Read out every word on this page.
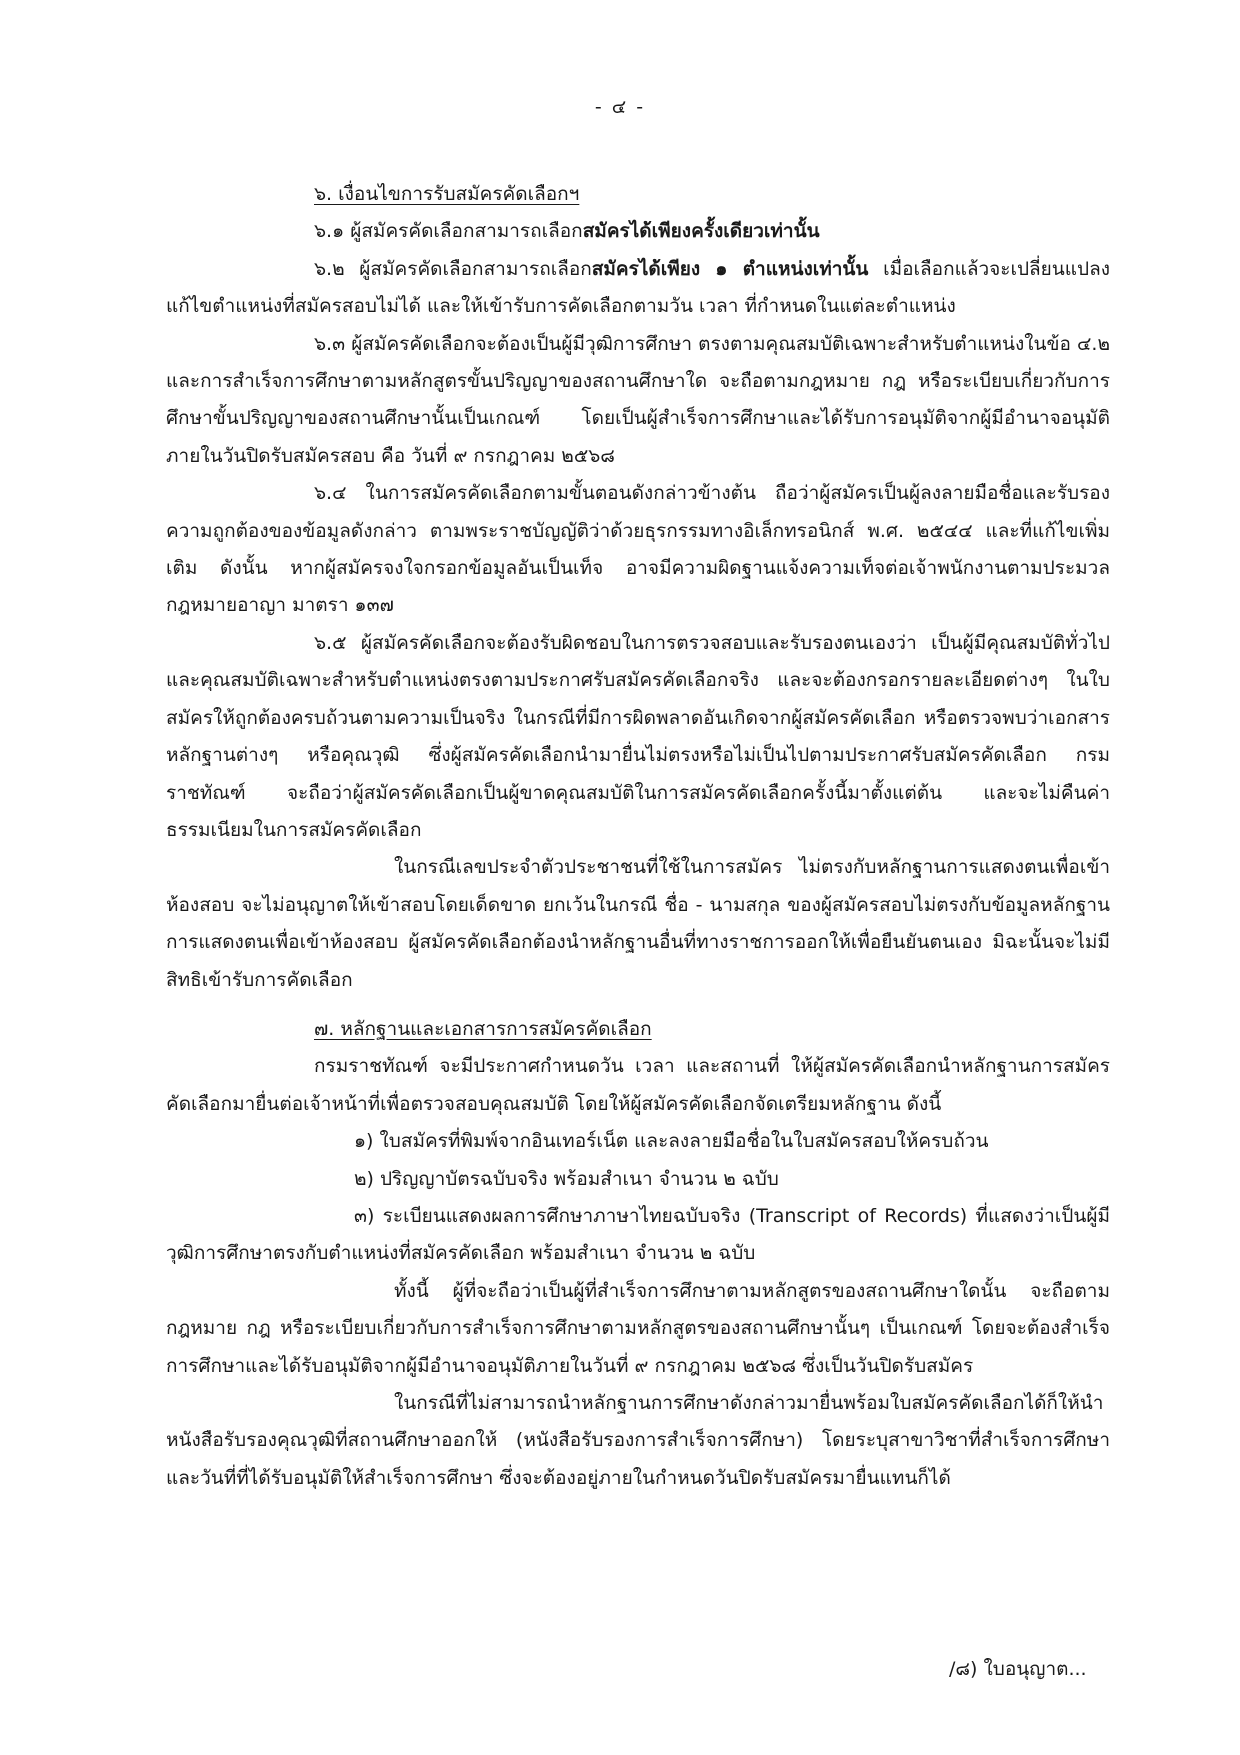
- ๔ -

๖. เงื่อนไขการรับสมัครคัดเลือกฯ

๖.๑ ผู้สมัครคัดเลือกสามารถเลือกสมัครได้เพียงครั้งเดียวเท่านั้น

๖.๒ ผู้สมัครคัดเลือกสามารถเลือกสมัครได้เพียง ๑ ตำแหน่งเท่านั้น เมื่อเลือกแล้วจะเปลี่ยนแปลงแก้ไขตำแหน่งที่สมัครสอบไม่ได้ และให้เข้ารับการคัดเลือกตามวัน เวลา ที่กำหนดในแต่ละตำแหน่ง

๖.๓ ผู้สมัครคัดเลือกจะต้องเป็นผู้มีวุฒิการศึกษา ตรงตามคุณสมบัติเฉพาะสำหรับตำแหน่งในข้อ ๔.๒ และการสำเร็จการศึกษาตามหลักสูตรขั้นปริญญาของสถานศึกษาใด จะถือตามกฎหมาย กฎ หรือระเบียบเกี่ยวกับการศึกษาขั้นปริญญาของสถานศึกษานั้นเป็นเกณฑ์ โดยเป็นผู้สำเร็จการศึกษาและได้รับการอนุมัติจากผู้มีอำนาจอนุมัติภายในวันปิดรับสมัครสอบ คือ วันที่ ๙ กรกฎาคม ๒๕๖๘

๖.๔ ในการสมัครคัดเลือกตามขั้นตอนดังกล่าวข้างต้น ถือว่าผู้สมัครเป็นผู้ลงลายมือชื่อและรับรองความถูกต้องของข้อมูลดังกล่าว ตามพระราชบัญญัติว่าด้วยธุรกรรมทางอิเล็กทรอนิกส์ พ.ศ. ๒๕๔๔ และที่แก้ไขเพิ่มเติม ดังนั้น หากผู้สมัครจงใจกรอกข้อมูลอันเป็นเท็จ อาจมีความผิดฐานแจ้งความเท็จต่อเจ้าพนักงานตามประมวลกฎหมายอาญา มาตรา ๑๓๗

๖.๕ ผู้สมัครคัดเลือกจะต้องรับผิดชอบในการตรวจสอบและรับรองตนเองว่า เป็นผู้มีคุณสมบัติทั่วไป และคุณสมบัติเฉพาะสำหรับตำแหน่งตรงตามประกาศรับสมัครคัดเลือกจริง และจะต้องกรอกรายละเอียดต่างๆ ในใบสมัครให้ถูกต้องครบถ้วนตามความเป็นจริง ในกรณีที่มีการผิดพลาดอันเกิดจากผู้สมัครคัดเลือก หรือตรวจพบว่าเอกสารหลักฐานต่างๆ หรือคุณวุฒิ ซึ่งผู้สมัครคัดเลือกนำมายื่นไม่ตรงหรือไม่เป็นไปตามประกาศรับสมัครคัดเลือก กรมราชทัณฑ์ จะถือว่าผู้สมัครคัดเลือกเป็นผู้ขาดคุณสมบัติในการสมัครคัดเลือกครั้งนี้มาตั้งแต่ต้น และจะไม่คืนค่าธรรมเนียมในการสมัครคัดเลือก

ในกรณีเลขประจำตัวประชาชนที่ใช้ในการสมัคร ไม่ตรงกับหลักฐานการแสดงตนเพื่อเข้าห้องสอบ จะไม่อนุญาตให้เข้าสอบโดยเด็ดขาด ยกเว้นในกรณี ชื่อ - นามสกุล ของผู้สมัครสอบไม่ตรงกับข้อมูลหลักฐานการแสดงตนเพื่อเข้าห้องสอบ ผู้สมัครคัดเลือกต้องนำหลักฐานอื่นที่ทางราชการออกให้เพื่อยืนยันตนเอง มิฉะนั้นจะไม่มีสิทธิเข้ารับการคัดเลือก

๗. หลักฐานและเอกสารการสมัครคัดเลือก

กรมราชทัณฑ์ จะมีประกาศกำหนดวัน เวลา และสถานที่ ให้ผู้สมัครคัดเลือกนำหลักฐานการสมัครคัดเลือกมายื่นต่อเจ้าหน้าที่เพื่อตรวจสอบคุณสมบัติ โดยให้ผู้สมัครคัดเลือกจัดเตรียมหลักฐาน ดังนี้

๑) ใบสมัครที่พิมพ์จากอินเทอร์เน็ต และลงลายมือชื่อในใบสมัครสอบให้ครบถ้วน

๒) ปริญญาบัตรฉบับจริง พร้อมสำเนา จำนวน ๒ ฉบับ

๓) ระเบียนแสดงผลการศึกษาภาษาไทยฉบับจริง (Transcript of Records) ที่แสดงว่าเป็นผู้มีวุฒิการศึกษาตรงกับตำแหน่งที่สมัครคัดเลือก พร้อมสำเนา จำนวน ๒ ฉบับ

ทั้งนี้ ผู้ที่จะถือว่าเป็นผู้ที่สำเร็จการศึกษาตามหลักสูตรของสถานศึกษาใดนั้น จะถือตามกฎหมาย กฎ หรือระเบียบเกี่ยวกับการสำเร็จการศึกษาตามหลักสูตรของสถานศึกษานั้นๆ เป็นเกณฑ์ โดยจะต้องสำเร็จการศึกษาและได้รับอนุมัติจากผู้มีอำนาจอนุมัติภายในวันที่ ๙ กรกฎาคม ๒๕๖๘ ซึ่งเป็นวันปิดรับสมัคร

ในกรณีที่ไม่สามารถนำหลักฐานการศึกษาดังกล่าวมายื่นพร้อมใบสมัครคัดเลือกได้ก็ให้นำหนังสือรับรองคุณวุฒิที่สถานศึกษาออกให้ (หนังสือรับรองการสำเร็จการศึกษา) โดยระบุสาขาวิชาที่สำเร็จการศึกษา และวันที่ที่ได้รับอนุมัติให้สำเร็จการศึกษา ซึ่งจะต้องอยู่ภายในกำหนดวันปิดรับสมัครมายื่นแทนก็ได้

/๘) ใบอนุญาต...
